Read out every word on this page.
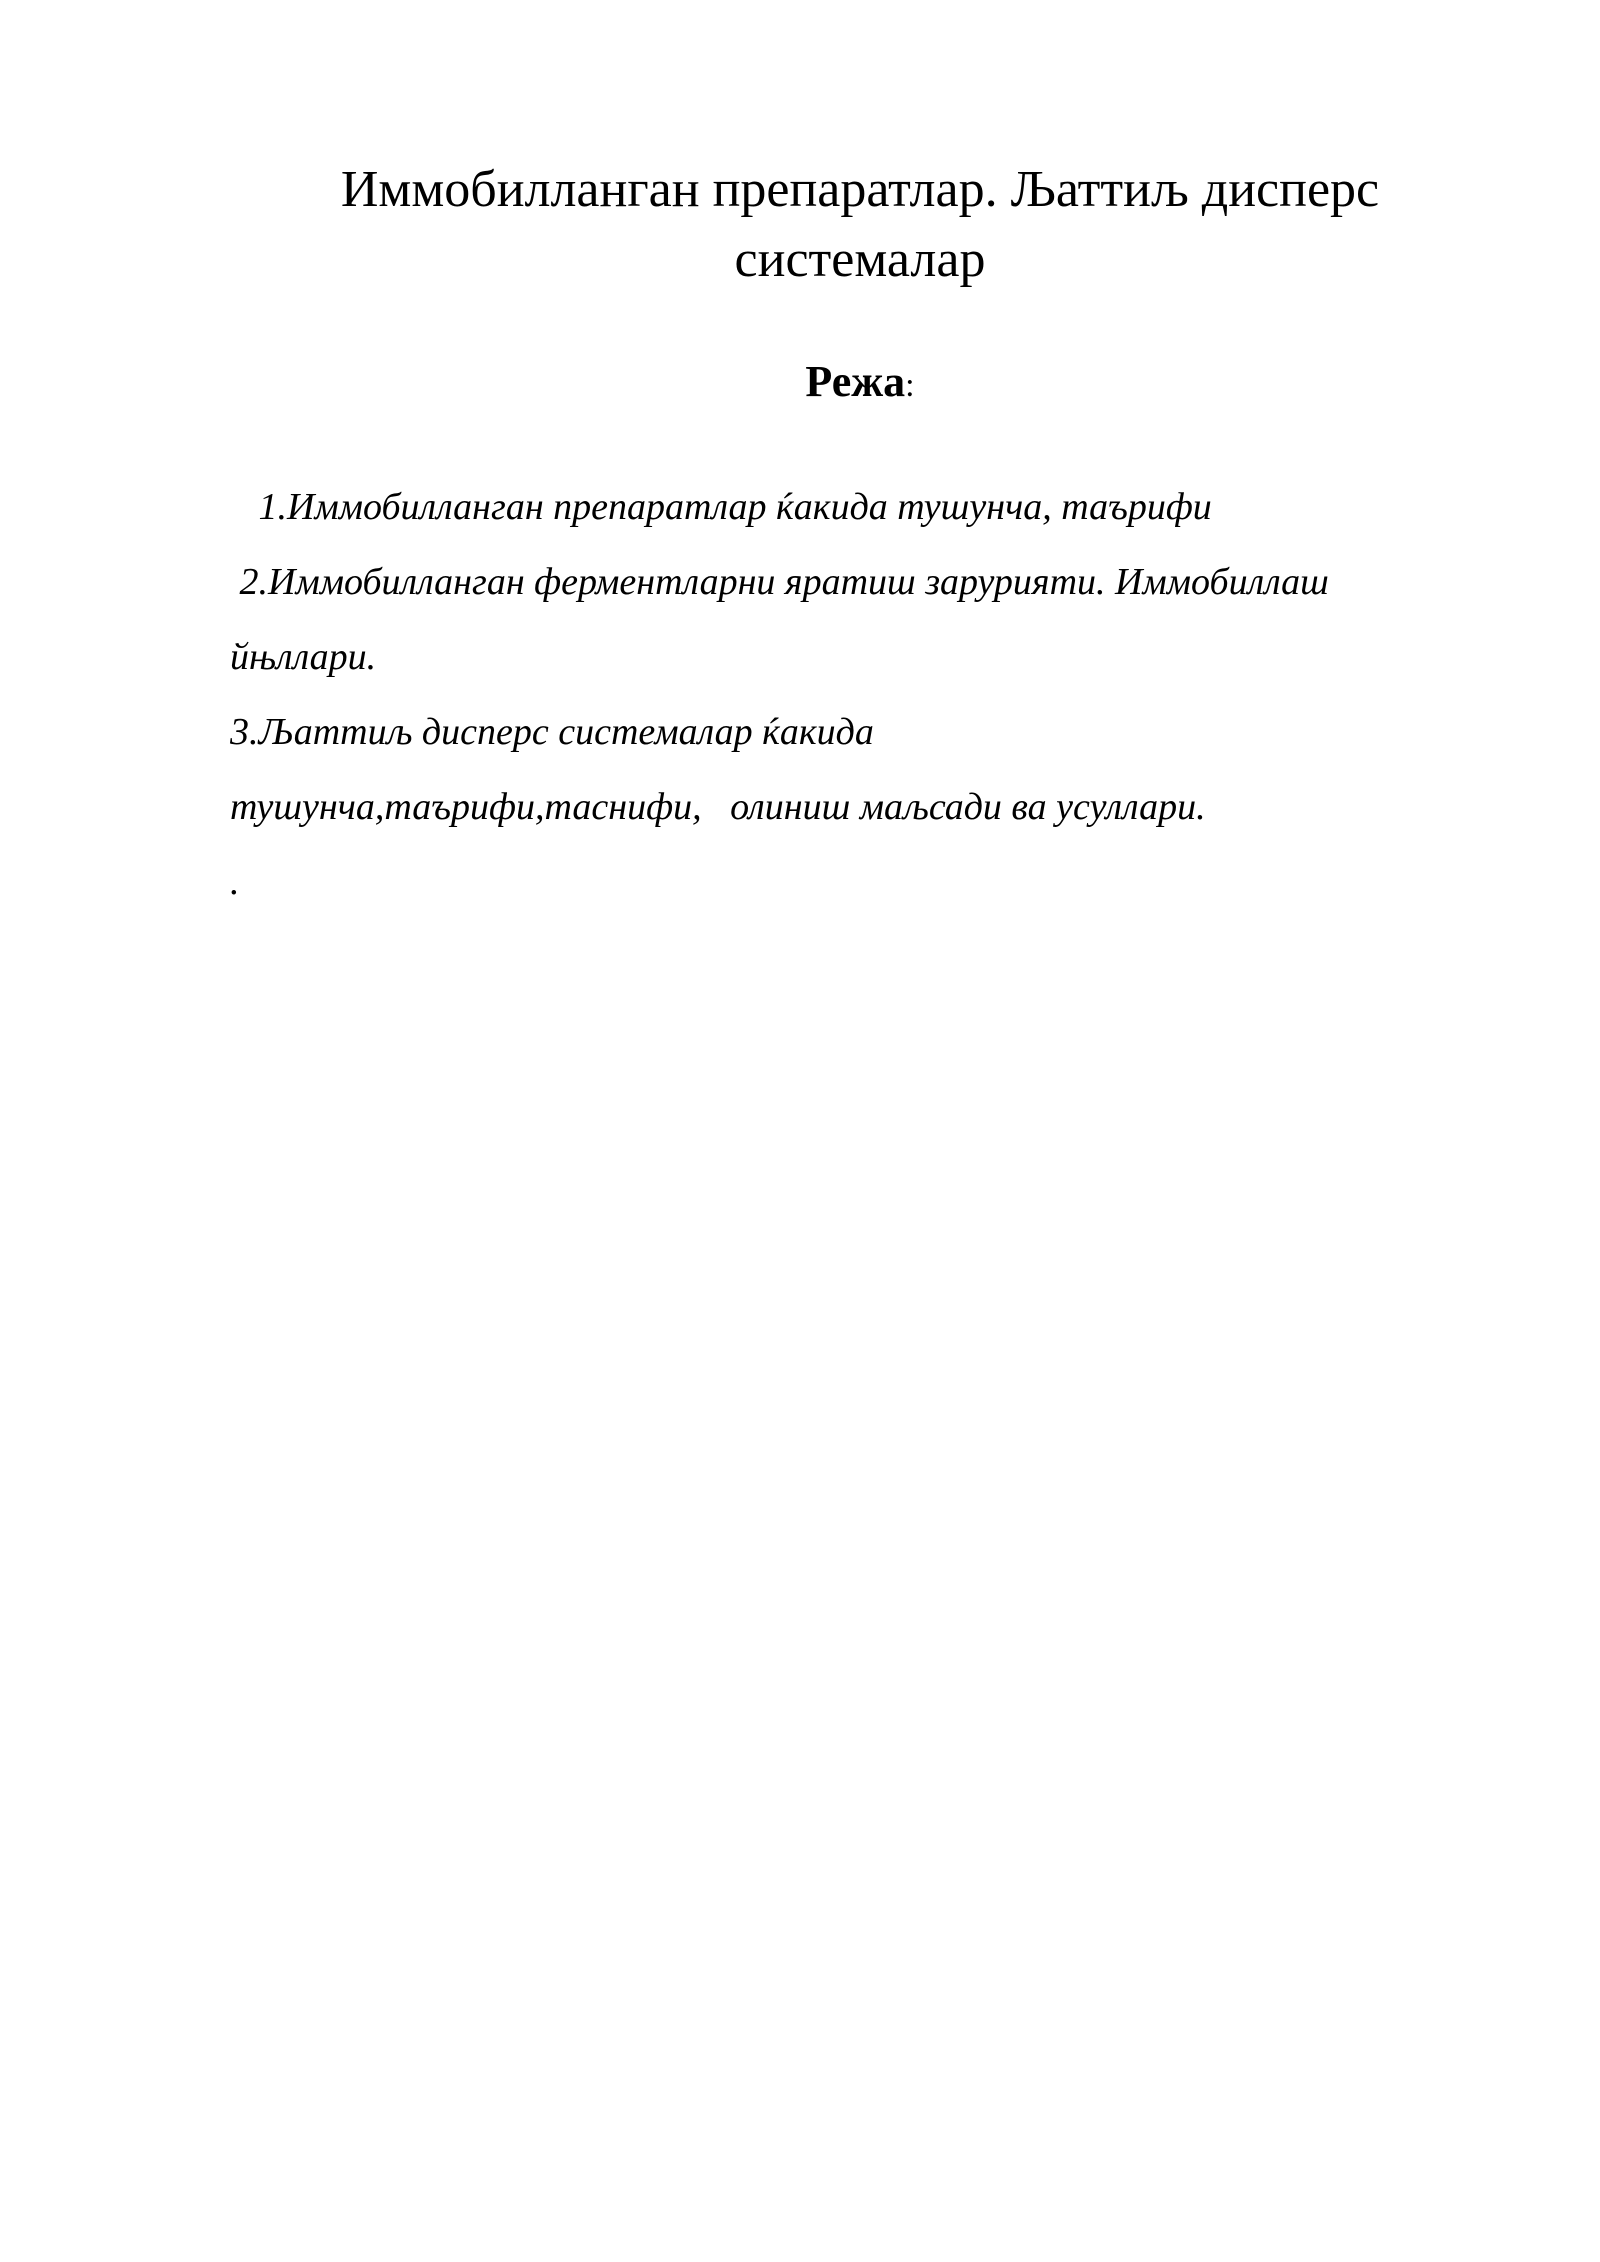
Иммобилланган препаратлар. Љаттиљ дисперс
системалар
Режа:
1.Иммобилланган препаратлар ќакида тушунча, таърифи
2.Иммобилланган ферментларни яратиш зарурияти. Иммобиллаш
йњллари.
3.Љаттиљ дисперс системалар ќакида
тушунча,таърифи,таснифи,   олиниш маљсади ва усуллари.
.
